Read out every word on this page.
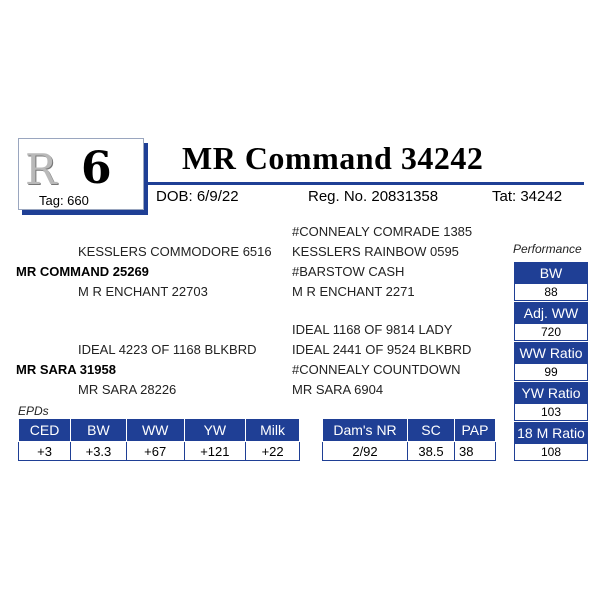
R 6
Tag: 660
MR Command 34242
DOB: 6/9/22	Reg. No. 20831358	Tat: 34242
#CONNEALY COMRADE 1385
KESSLERS COMMODORE 6516 KESSLERS RAINBOW 0595
MR COMMAND 25269	#BARSTOW CASH
M R ENCHANT 22703	M R ENCHANT 2271
IDEAL 1168 OF 9814 LADY
IDEAL 4223 OF 1168 BLKBRD	IDEAL 2441 OF 9524 BLKBRD
MR SARA 31958	#CONNEALY COUNTDOWN
MR SARA 28226	MR SARA 6904
Performance
BW
88
Adj. WW
720
WW Ratio
99
YW Ratio
103
18 M Ratio
108
EPDs
CED	BW	WW	YW	Milk
+3	+3.3	+67	+121	+22
Dam's NR	SC	PAP
2/92	38.5	38
